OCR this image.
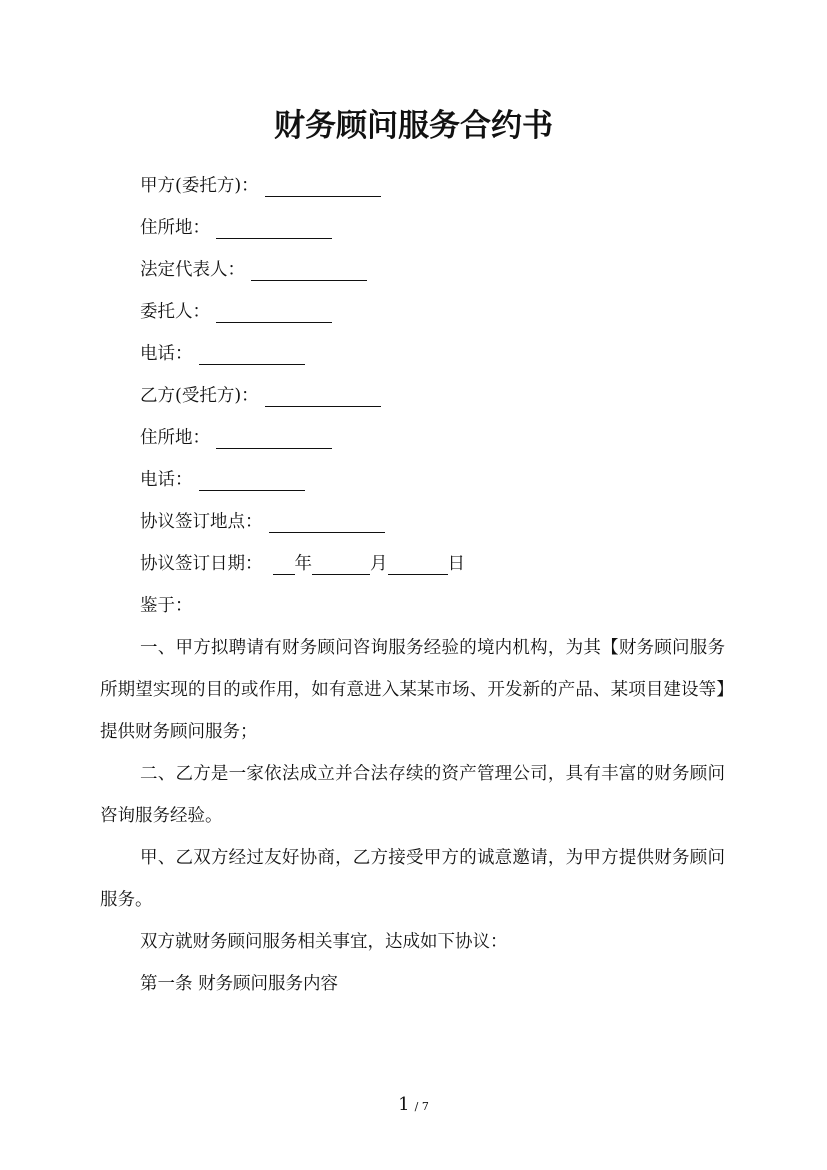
财务顾问服务合约书
甲方(委托方)：
住所地：
法定代表人：
委托人：
电话：
乙方(受托方)：
住所地：
电话：
协议签订地点：
协议签订日期： 年	月	日
鉴于：

一、甲方拟聘请有财务顾问咨询服务经验的境内机构，为其【财务顾问服务所期望实现的目的或作用，如有意进入某某市场、开发新的产品、某项目建设等】提供财务顾问服务；

二、乙方是一家依法成立并合法存续的资产管理公司，具有丰富的财务顾问咨询服务经验。

甲、乙双方经过友好协商，乙方接受甲方的诚意邀请，为甲方提供财务顾问服务。

双方就财务顾问服务相关事宜，达成如下协议：

第一条 财务顾问服务内容
1 / 7
